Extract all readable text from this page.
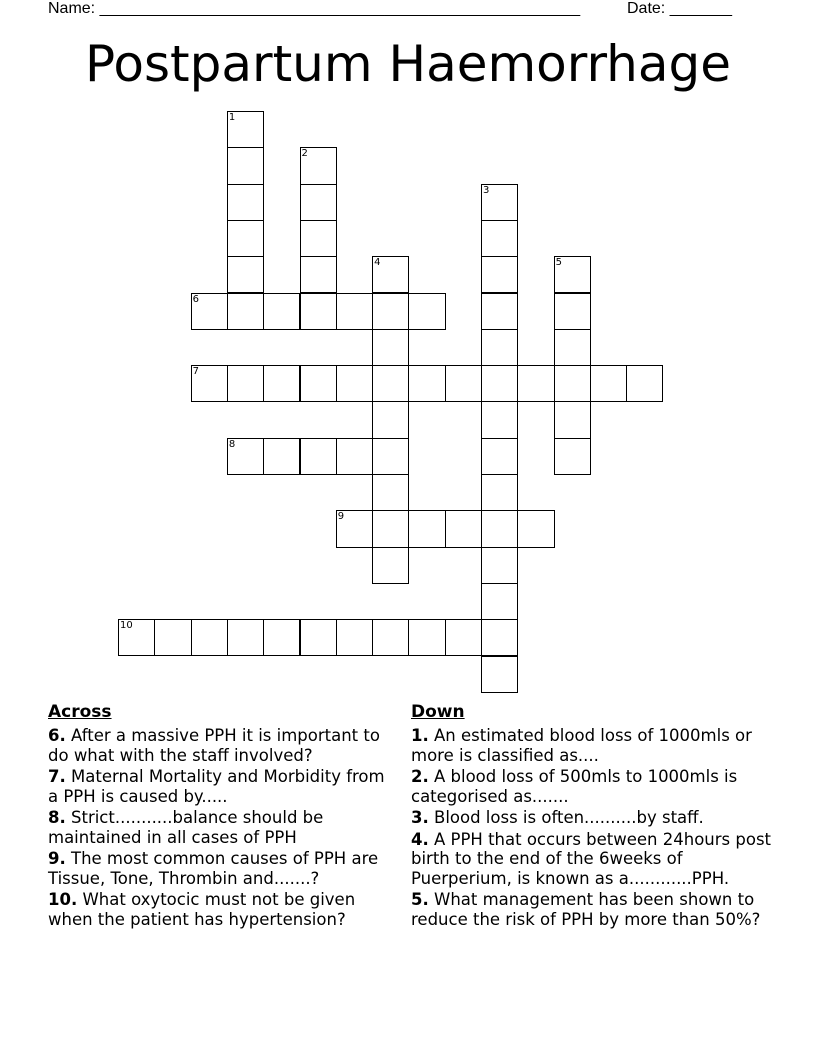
Name: ______________________________________________________	Date: _______
Postpartum Haemorrhage
1
2
3
4	5
6
7
8
9
10
Across
6. After a massive PPH it is important to do what with the staff involved?
7. Maternal Mortality and Morbidity from a PPH is caused by.....
8. Strict...........balance should be maintained in all cases of PPH
9. The most common causes of PPH are Tissue, Tone, Thrombin and.......?
10. What oxytocic must not be given when the patient has hypertension?
Down
1. An estimated blood loss of 1000mls or more is classified as....
2. A blood loss of 500mls to 1000mls is categorised as.......
3. Blood loss is often..........by staff.
4. A PPH that occurs between 24hours post birth to the end of the 6weeks of Puerperium, is known as a............PPH.
5. What management has been shown to reduce the risk of PPH by more than 50%?
